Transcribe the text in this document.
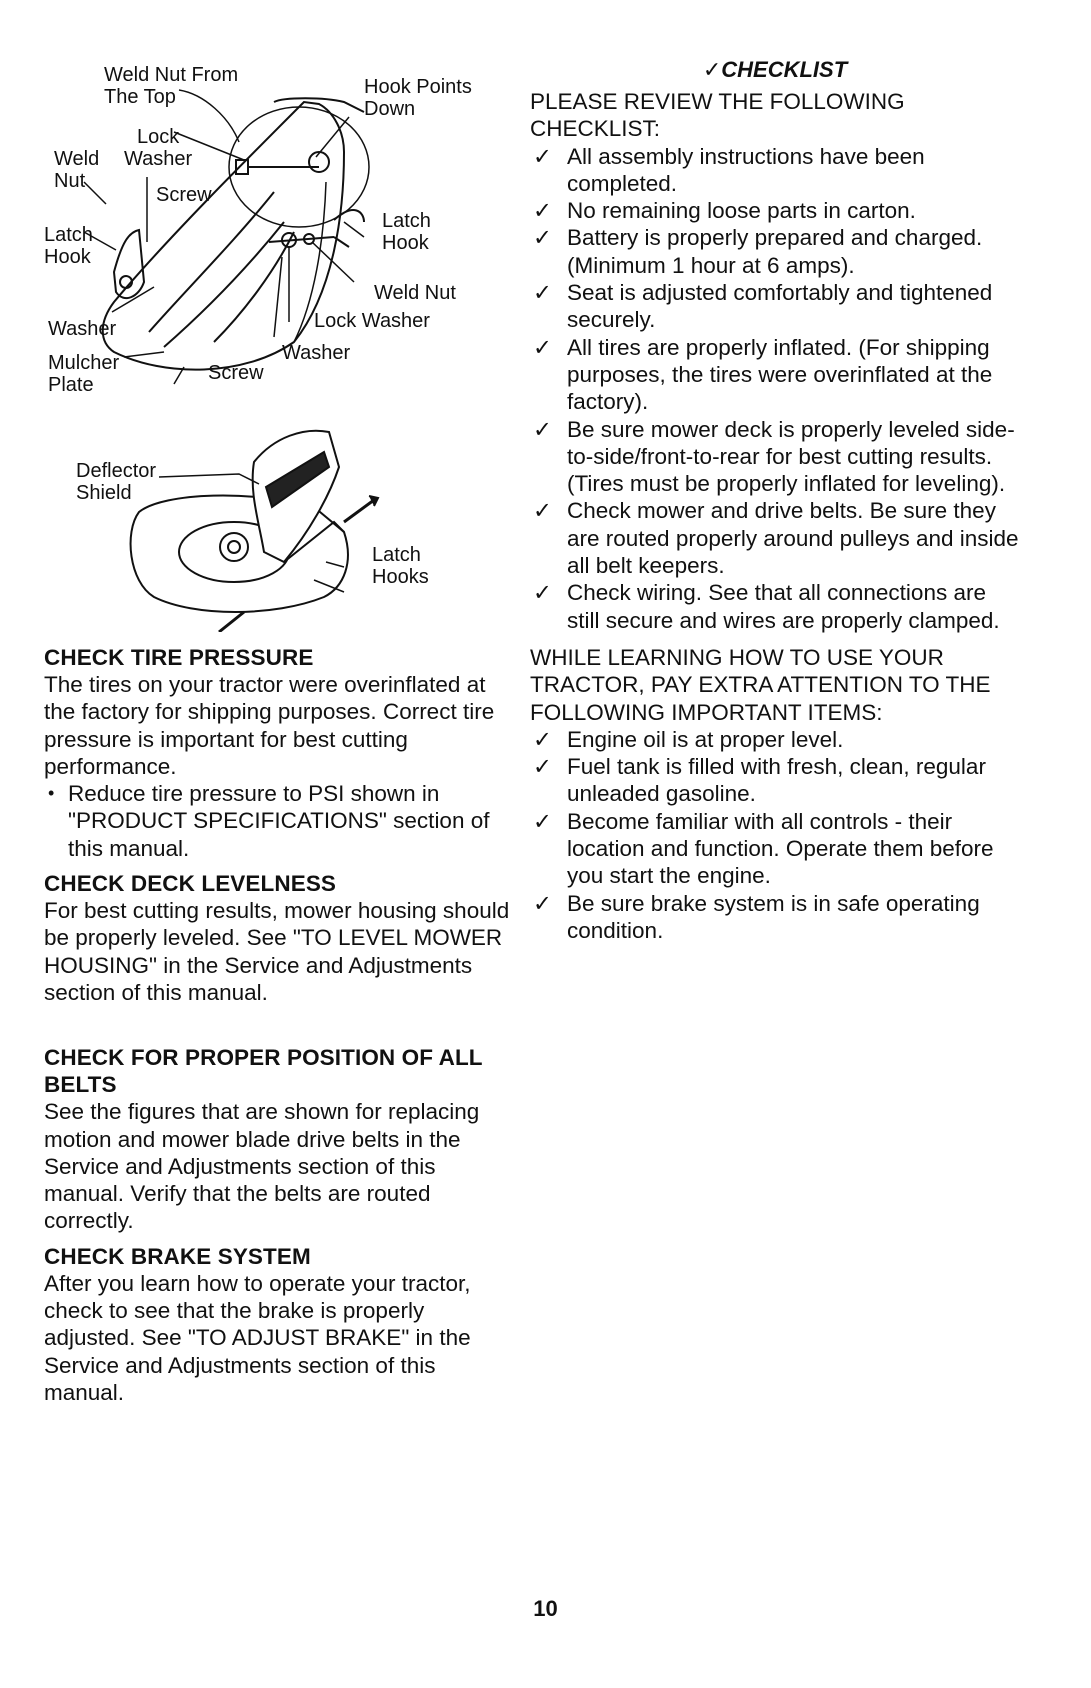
Weld Nut From
The Top	Hook Points
Down
Lock
Washer
Weld
Nut
Screw
Latch
Hook
Latch
Hook
Weld Nut
Lock Washer
Washer
Washer
Mulcher
Plate
Screw
Deflector
Shield
Latch
Hooks
CHECK TIRE PRESSURE

The tires on your tractor were overinflated at the factory for shipping purposes. Correct tire pressure is important for best cutting performance.

• Reduce tire pressure to PSI shown in "PRODUCT SPECIFICATIONS" section of this manual.
CHECK DECK LEVELNESS

For best cutting results, mower housing should be properly leveled. See "TO LEVEL MOWER HOUSING" in the Service and Adjustments section of this manual.

CHECK FOR PROPER POSITION OF ALL BELTS

See the figures that are shown for replacing motion and mower blade drive belts in the Service and Adjustments section of this manual. Verify that the belts are routed correctly.

CHECK BRAKE SYSTEM

After you learn how to operate your tractor, check to see that the brake is properly adjusted. See "TO ADJUST BRAKE" in the Service and Adjustments section of this manual.

✓CHECKLIST

PLEASE REVIEW THE FOLLOWING CHECKLIST:

✓ All assembly instructions have been completed.
✓ No remaining loose parts in carton.
✓ Battery is properly prepared and charged. (Minimum 1 hour at 6 amps).
✓ Seat is adjusted comfortably and tightened securely.
✓ All tires are properly inflated. (For shipping purposes, the tires were overinflated at the factory).
✓ Be sure mower deck is properly leveled side-to-side/front-to-rear for best cutting results. (Tires must be properly inflated for leveling).
✓ Check mower and drive belts. Be sure they are routed properly around pulleys and inside all belt keepers.
✓ Check wiring. See that all connections are still secure and wires are properly clamped.

WHILE LEARNING HOW TO USE YOUR TRACTOR, PAY EXTRA ATTENTION TO THE FOLLOWING IMPORTANT ITEMS:

✓ Engine oil is at proper level.
✓ Fuel tank is filled with fresh, clean, regular unleaded gasoline.
✓ Become familiar with all controls - their location and function. Operate them before you start the engine.
✓ Be sure brake system is in safe operating condition.
10
